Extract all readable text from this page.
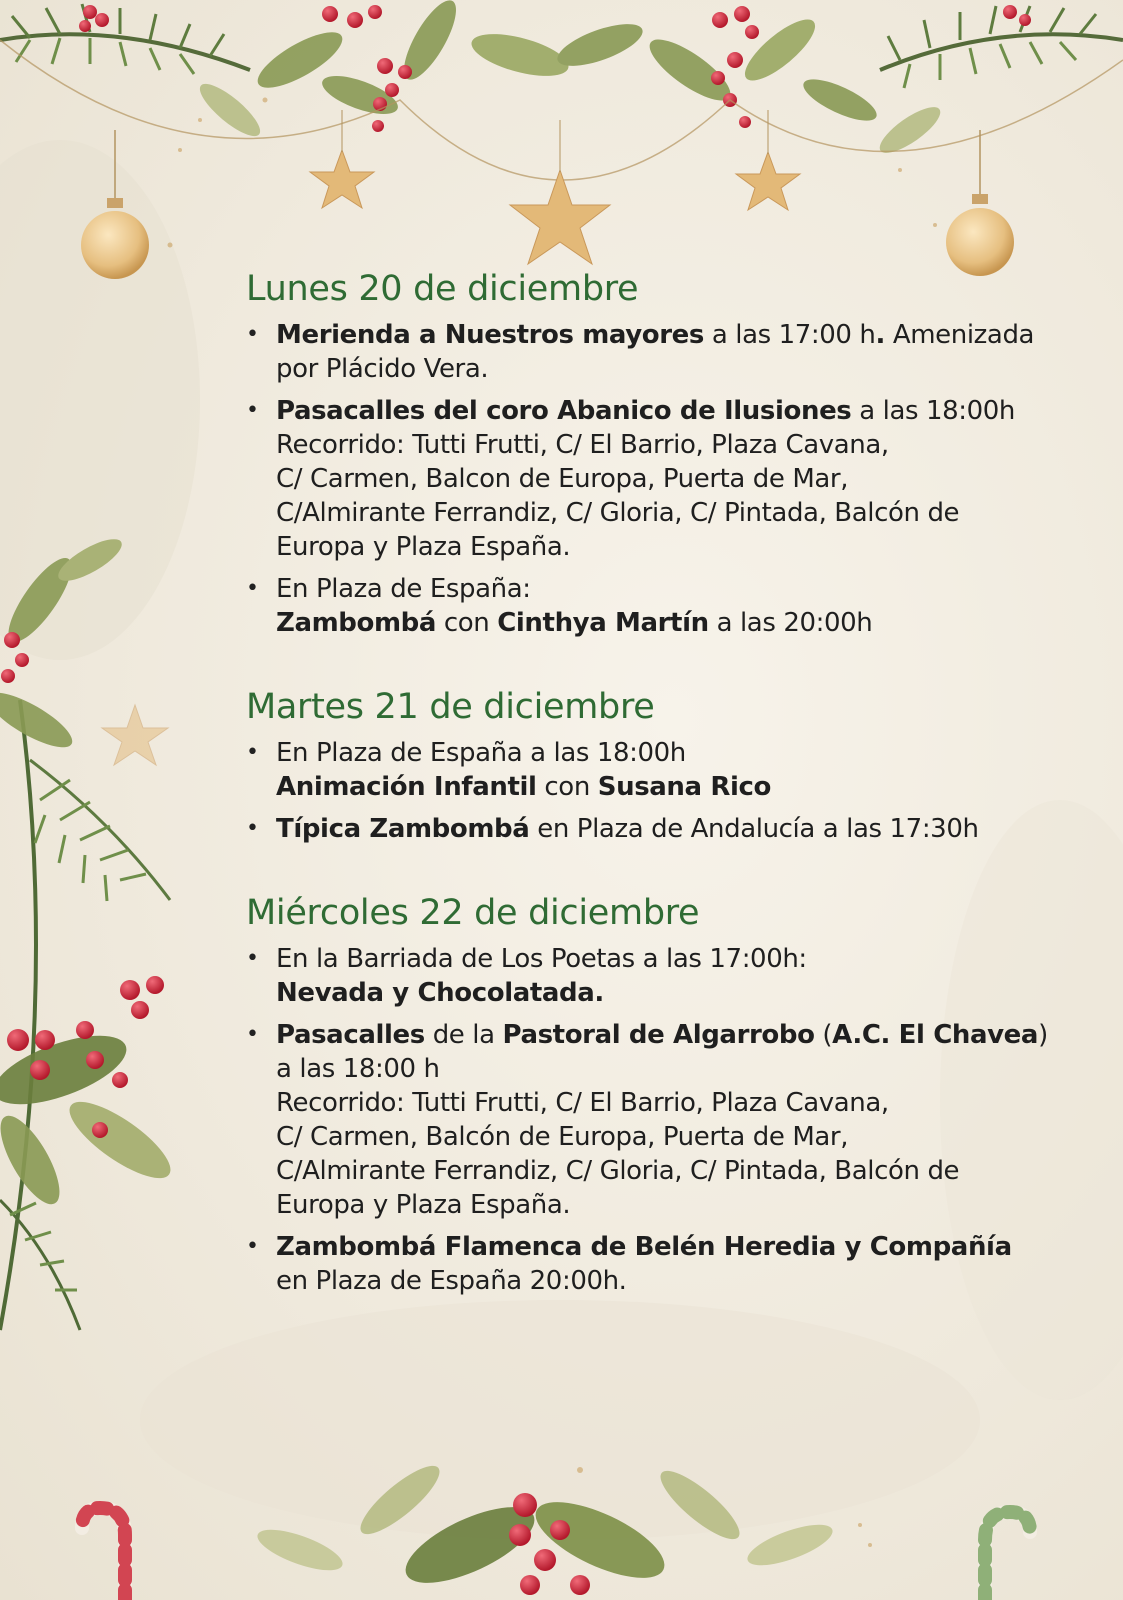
Lunes 20 de diciembre
• Merienda a Nuestros mayores a las 17:00 h. Amenizada
por Plácido Vera.
• Pasacalles del coro Abanico de Ilusiones a las 18:00h
Recorrido: Tutti Frutti, C/ El Barrio, Plaza Cavana,
C/ Carmen, Balcon de Europa, Puerta de Mar,
C/Almirante Ferrandiz, C/ Gloria, C/ Pintada, Balcón de
Europa y Plaza España.
• En Plaza de España:
Zambombá con Cinthya Martín a las 20:00h
Martes 21 de diciembre
• En Plaza de España a las 18:00h
Animación Infantil con Susana Rico
• Típica Zambombá en Plaza de Andalucía a las 17:30h
Miércoles 22 de diciembre
• En la Barriada de Los Poetas a las 17:00h:
Nevada y Chocolatada.
• Pasacalles de la Pastoral de Algarrobo (A.C. El Chavea)
a las 18:00 h
Recorrido: Tutti Frutti, C/ El Barrio, Plaza Cavana,
C/ Carmen, Balcón de Europa, Puerta de Mar,
C/Almirante Ferrandiz, C/ Gloria, C/ Pintada, Balcón de
Europa y Plaza España.
• Zambombá Flamenca de Belén Heredia y Compañía
en Plaza de España 20:00h.
